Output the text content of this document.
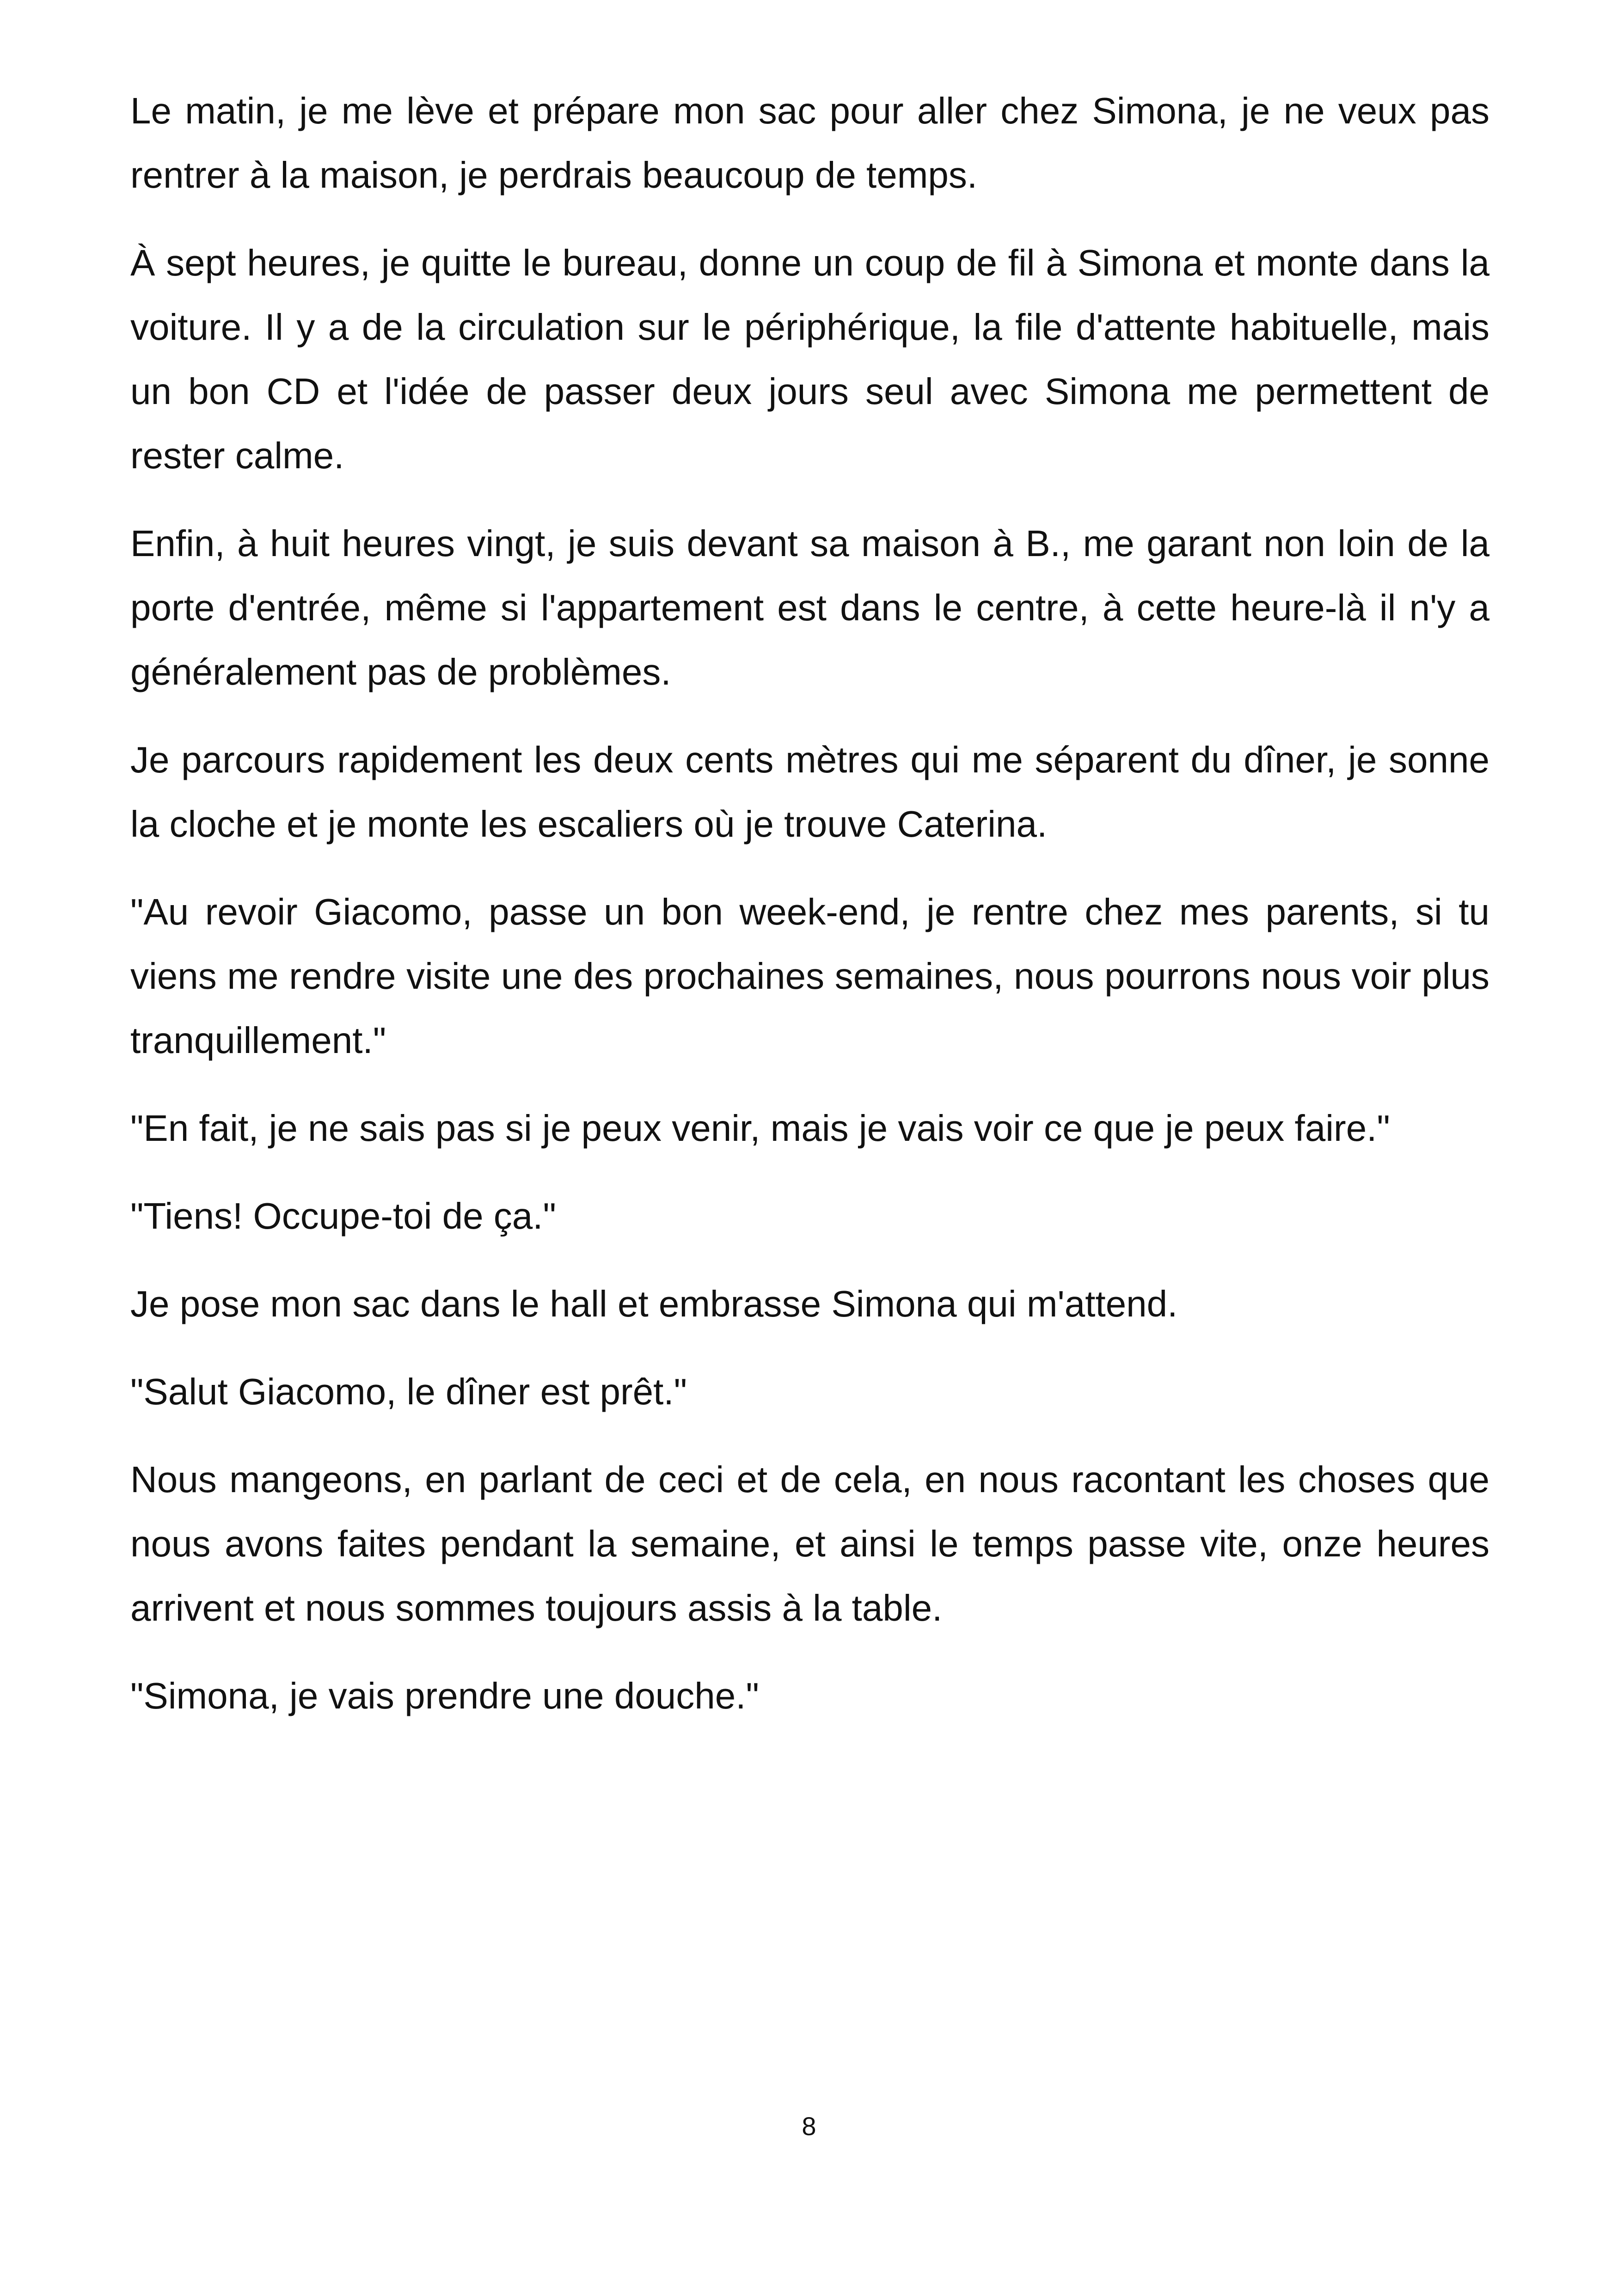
Le matin, je me lève et prépare mon sac pour aller chez Simona, je ne veux pas rentrer à la maison, je perdrais beaucoup de temps.

À sept heures, je quitte le bureau, donne un coup de fil à Simona et monte dans la voiture. Il y a de la circulation sur le périphérique, la file d'attente habituelle, mais un bon CD et l'idée de passer deux jours seul avec Simona me permettent de rester calme.

Enfin, à huit heures vingt, je suis devant sa maison à B., me garant non loin de la porte d'entrée, même si l'appartement est dans le centre, à cette heure-là il n'y a généralement pas de problèmes.

Je parcours rapidement les deux cents mètres qui me séparent du dîner, je sonne la cloche et je monte les escaliers où je trouve Caterina.

"Au revoir Giacomo, passe un bon week-end, je rentre chez mes parents, si tu viens me rendre visite une des prochaines semaines, nous pourrons nous voir plus tranquillement."

"En fait, je ne sais pas si je peux venir, mais je vais voir ce que je peux faire."

"Tiens! Occupe-toi de ça."

Je pose mon sac dans le hall et embrasse Simona qui m'attend.

"Salut Giacomo, le dîner est prêt."

Nous mangeons, en parlant de ceci et de cela, en nous racontant les choses que nous avons faites pendant la semaine, et ainsi le temps passe vite, onze heures arrivent et nous sommes toujours assis à la table.

"Simona, je vais prendre une douche."

8
